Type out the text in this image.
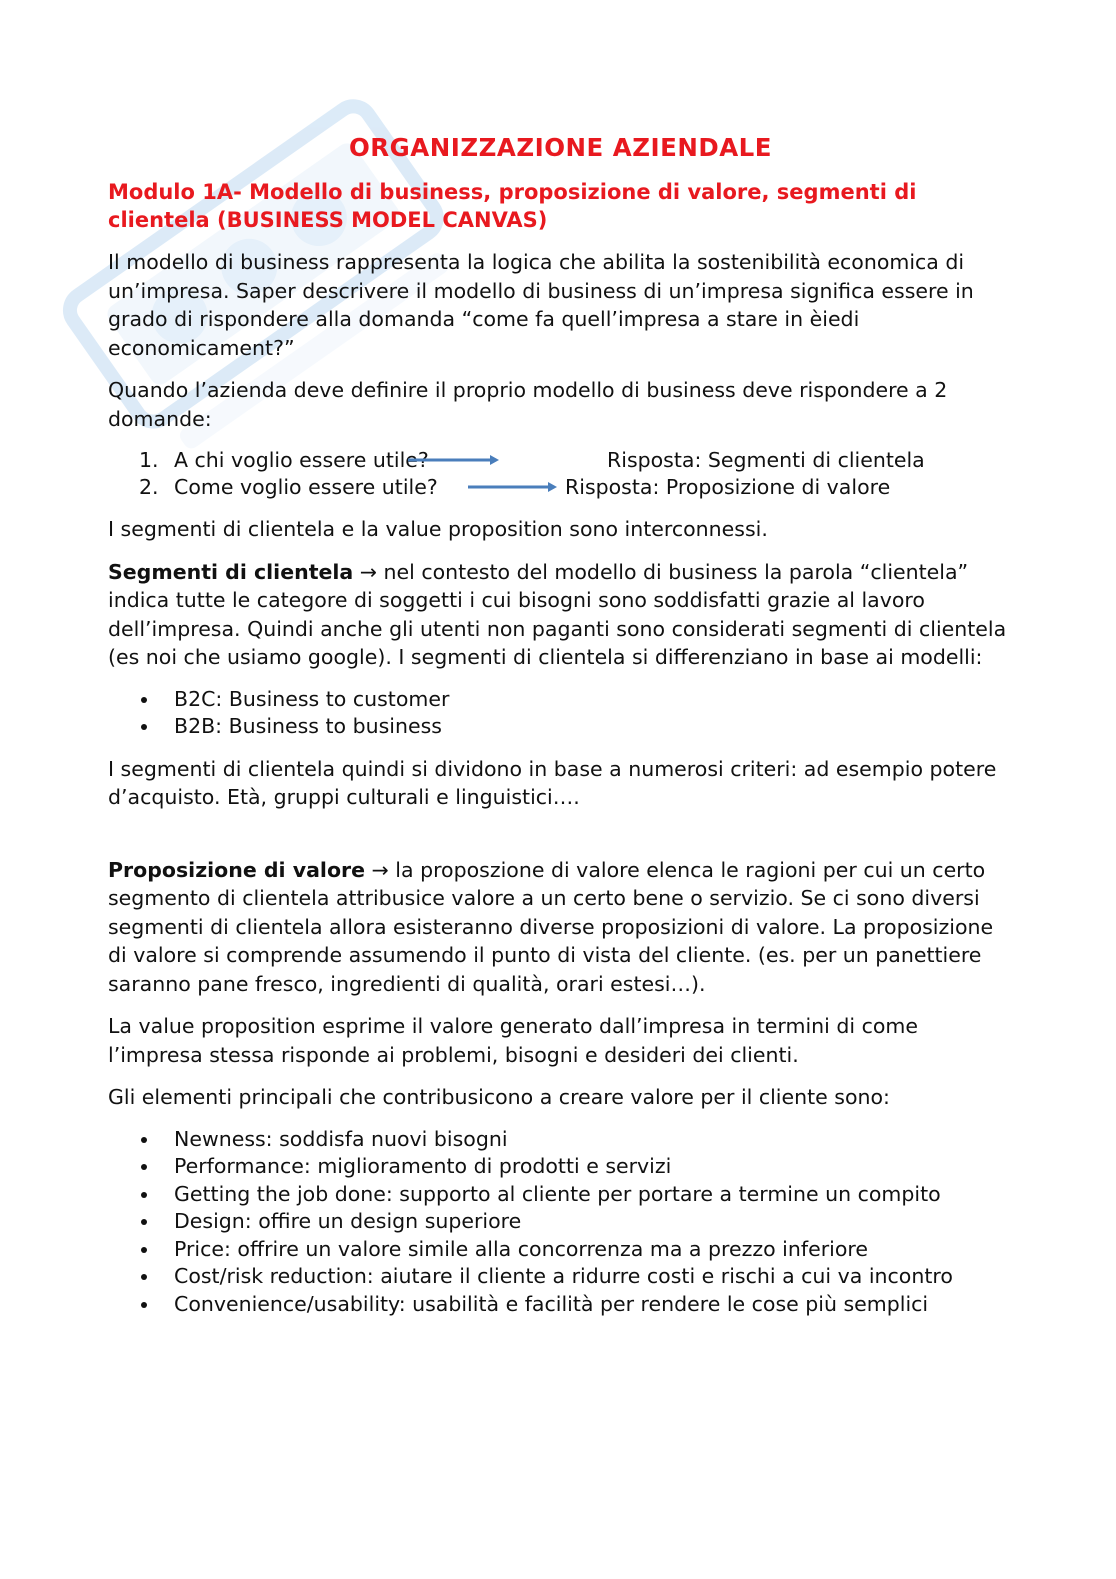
ORGANIZZAZIONE AZIENDALE
Modulo 1A- Modello di business, proposizione di valore, segmenti di clientela (BUSINESS MODEL CANVAS)

Il modello di business rappresenta la logica che abilita la sostenibilità economica di un’impresa. Saper descrivere il modello di business di un’impresa significa essere in grado di rispondere alla domanda “come fa quell’impresa a stare in èiedi economicament?”

Quando l’azienda deve definire il proprio modello di business deve rispondere a 2 domande:

1. A chi voglio essere utile?	Risposta: Segmenti di clientela
2. Come voglio essere utile?	Risposta: Proposizione di valore

I segmenti di clientela e la value proposition sono interconnessi.

Segmenti di clientela → nel contesto del modello di business la parola “clientela” indica tutte le categore di soggetti i cui bisogni sono soddisfatti grazie al lavoro dell’impresa. Quindi anche gli utenti non paganti sono considerati segmenti di clientela (es noi che usiamo google). I segmenti di clientela si differenziano in base ai modelli:

B2C: Business to customer
B2B: Business to business

I segmenti di clientela quindi si dividono in base a numerosi criteri: ad esempio potere d’acquisto. Età, gruppi culturali e linguistici….

Proposizione di valore → la proposzione di valore elenca le ragioni per cui un certo segmento di clientela attribusice valore a un certo bene o servizio. Se ci sono diversi segmenti di clientela allora esisteranno diverse proposizioni di valore. La proposizione di valore si comprende assumendo il punto di vista del cliente. (es. per un panettiere saranno pane fresco, ingredienti di qualità, orari estesi…).

La value proposition esprime il valore generato dall’impresa in termini di come l’impresa stessa risponde ai problemi, bisogni e desideri dei clienti.

Gli elementi principali che contribusicono a creare valore per il cliente sono:

Newness: soddisfa nuovi bisogni
Performance: miglioramento di prodotti e servizi
Getting the job done: supporto al cliente per portare a termine un compito
Design: offire un design superiore
Price: offrire un valore simile alla concorrenza ma a prezzo inferiore
Cost/risk reduction: aiutare il cliente a ridurre costi e rischi a cui va incontro
Convenience/usability: usabilità e facilità per rendere le cose più semplici
